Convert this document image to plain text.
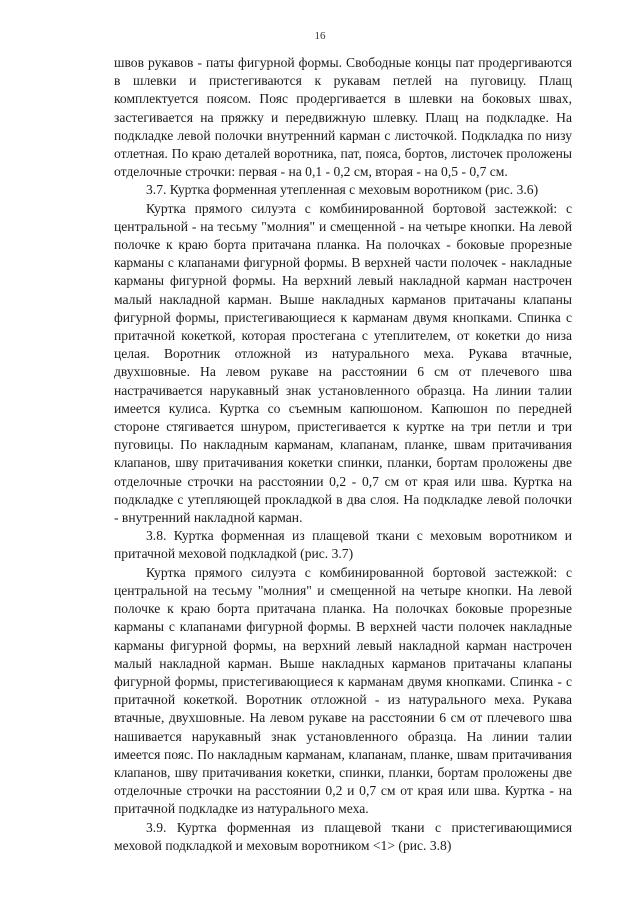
16

швов рукавов - паты фигурной формы. Свободные концы пат продергиваются в шлевки и пристегиваются к рукавам петлей на пуговицу. Плащ комплектуется поясом. Пояс продергивается в шлевки на боковых швах, застегивается на пряжку и передвижную шлевку. Плащ на подкладке. На подкладке левой полочки внутренний карман с листочкой. Подкладка по низу отлетная. По краю деталей воротника, пат, пояса, бортов, листочек проложены отделочные строчки: первая - на 0,1 - 0,2 см, вторая - на 0,5 - 0,7 см.

3.7. Куртка форменная утепленная с меховым воротником (рис. 3.6)

Куртка прямого силуэта с комбинированной бортовой застежкой: с центральной - на тесьму "молния" и смещенной - на четыре кнопки. На левой полочке к краю борта притачана планка. На полочках - боковые прорезные карманы с клапанами фигурной формы. В верхней части полочек - накладные карманы фигурной формы. На верхний левый накладной карман настрочен малый накладной карман. Выше накладных карманов притачаны клапаны фигурной формы, пристегивающиеся к карманам двумя кнопками. Спинка с притачной кокеткой, которая простегана с утеплителем, от кокетки до низа целая. Воротник отложной из натурального меха. Рукава втачные, двухшовные. На левом рукаве на расстоянии 6 см от плечевого шва настрачивается нарукавный знак установленного образца. На линии талии имеется кулиса. Куртка со съемным капюшоном. Капюшон по передней стороне стягивается шнуром, пристегивается к куртке на три петли и три пуговицы. По накладным карманам, клапанам, планке, швам притачивания клапанов, шву притачивания кокетки спинки, планки, бортам проложены две отделочные строчки на расстоянии 0,2 - 0,7 см от края или шва. Куртка на подкладке с утепляющей прокладкой в два слоя. На подкладке левой полочки - внутренний накладной карман.

3.8. Куртка форменная из плащевой ткани с меховым воротником и притачной меховой подкладкой (рис. 3.7)

Куртка прямого силуэта с комбинированной бортовой застежкой: с центральной на тесьму "молния" и смещенной на четыре кнопки. На левой полочке к краю борта притачана планка. На полочках боковые прорезные карманы с клапанами фигурной формы. В верхней части полочек накладные карманы фигурной формы, на верхний левый накладной карман настрочен малый накладной карман. Выше накладных карманов притачаны клапаны фигурной формы, пристегивающиеся к карманам двумя кнопками. Спинка - с притачной кокеткой. Воротник отложной - из натурального меха. Рукава втачные, двухшовные. На левом рукаве на расстоянии 6 см от плечевого шва нашивается нарукавный знак установленного образца. На линии талии имеется пояс. По накладным карманам, клапанам, планке, швам притачивания клапанов, шву притачивания кокетки, спинки, планки, бортам проложены две отделочные строчки на расстоянии 0,2 и 0,7 см от края или шва. Куртка - на притачной подкладке из натурального меха.

3.9. Куртка форменная из плащевой ткани с пристегивающимися меховой подкладкой и меховым воротником <1> (рис. 3.8)
